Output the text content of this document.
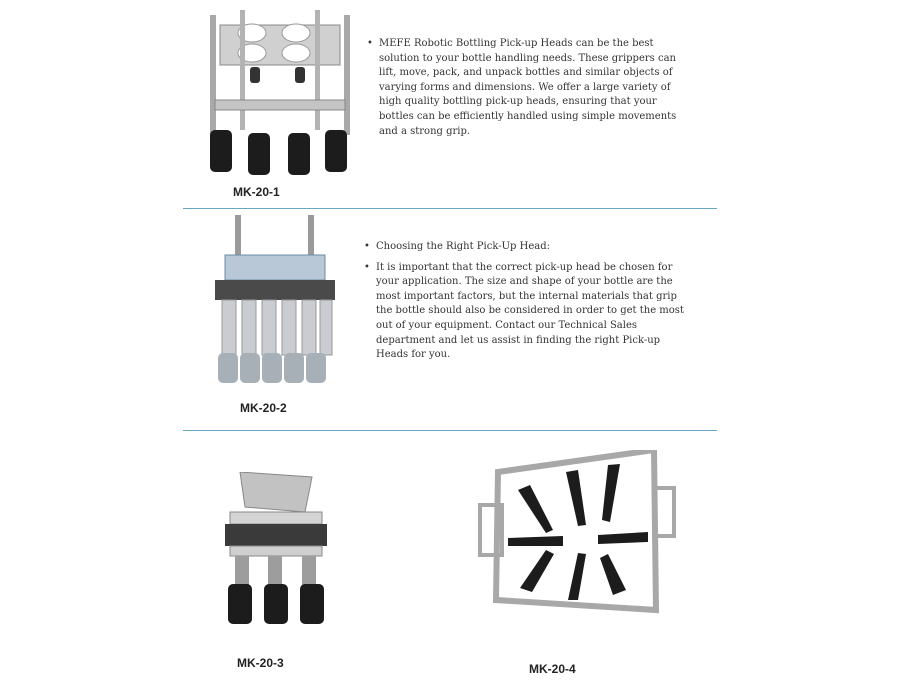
MK-20-1
• MEFE Robotic Bottling Pick-up Heads can be the best solution to your bottle handling needs. These grippers can lift, move, pack, and unpack bottles and similar objects of varying forms and dimensions. We offer a large variety of high quality bottling pick-up heads, ensuring that your bottles can be efficiently handled using simple movements and a strong grip.
MK-20-2
• Choosing the Right Pick-Up Head:
• It is important that the correct pick-up head be chosen for your application. The size and shape of your bottle are the most important factors, but the internal materials that grip the bottle should also be considered in order to get the most out of your equipment. Contact our Technical Sales department and let us assist in finding the right Pick-up Heads for you.
MK-20-3	MK-20-4
